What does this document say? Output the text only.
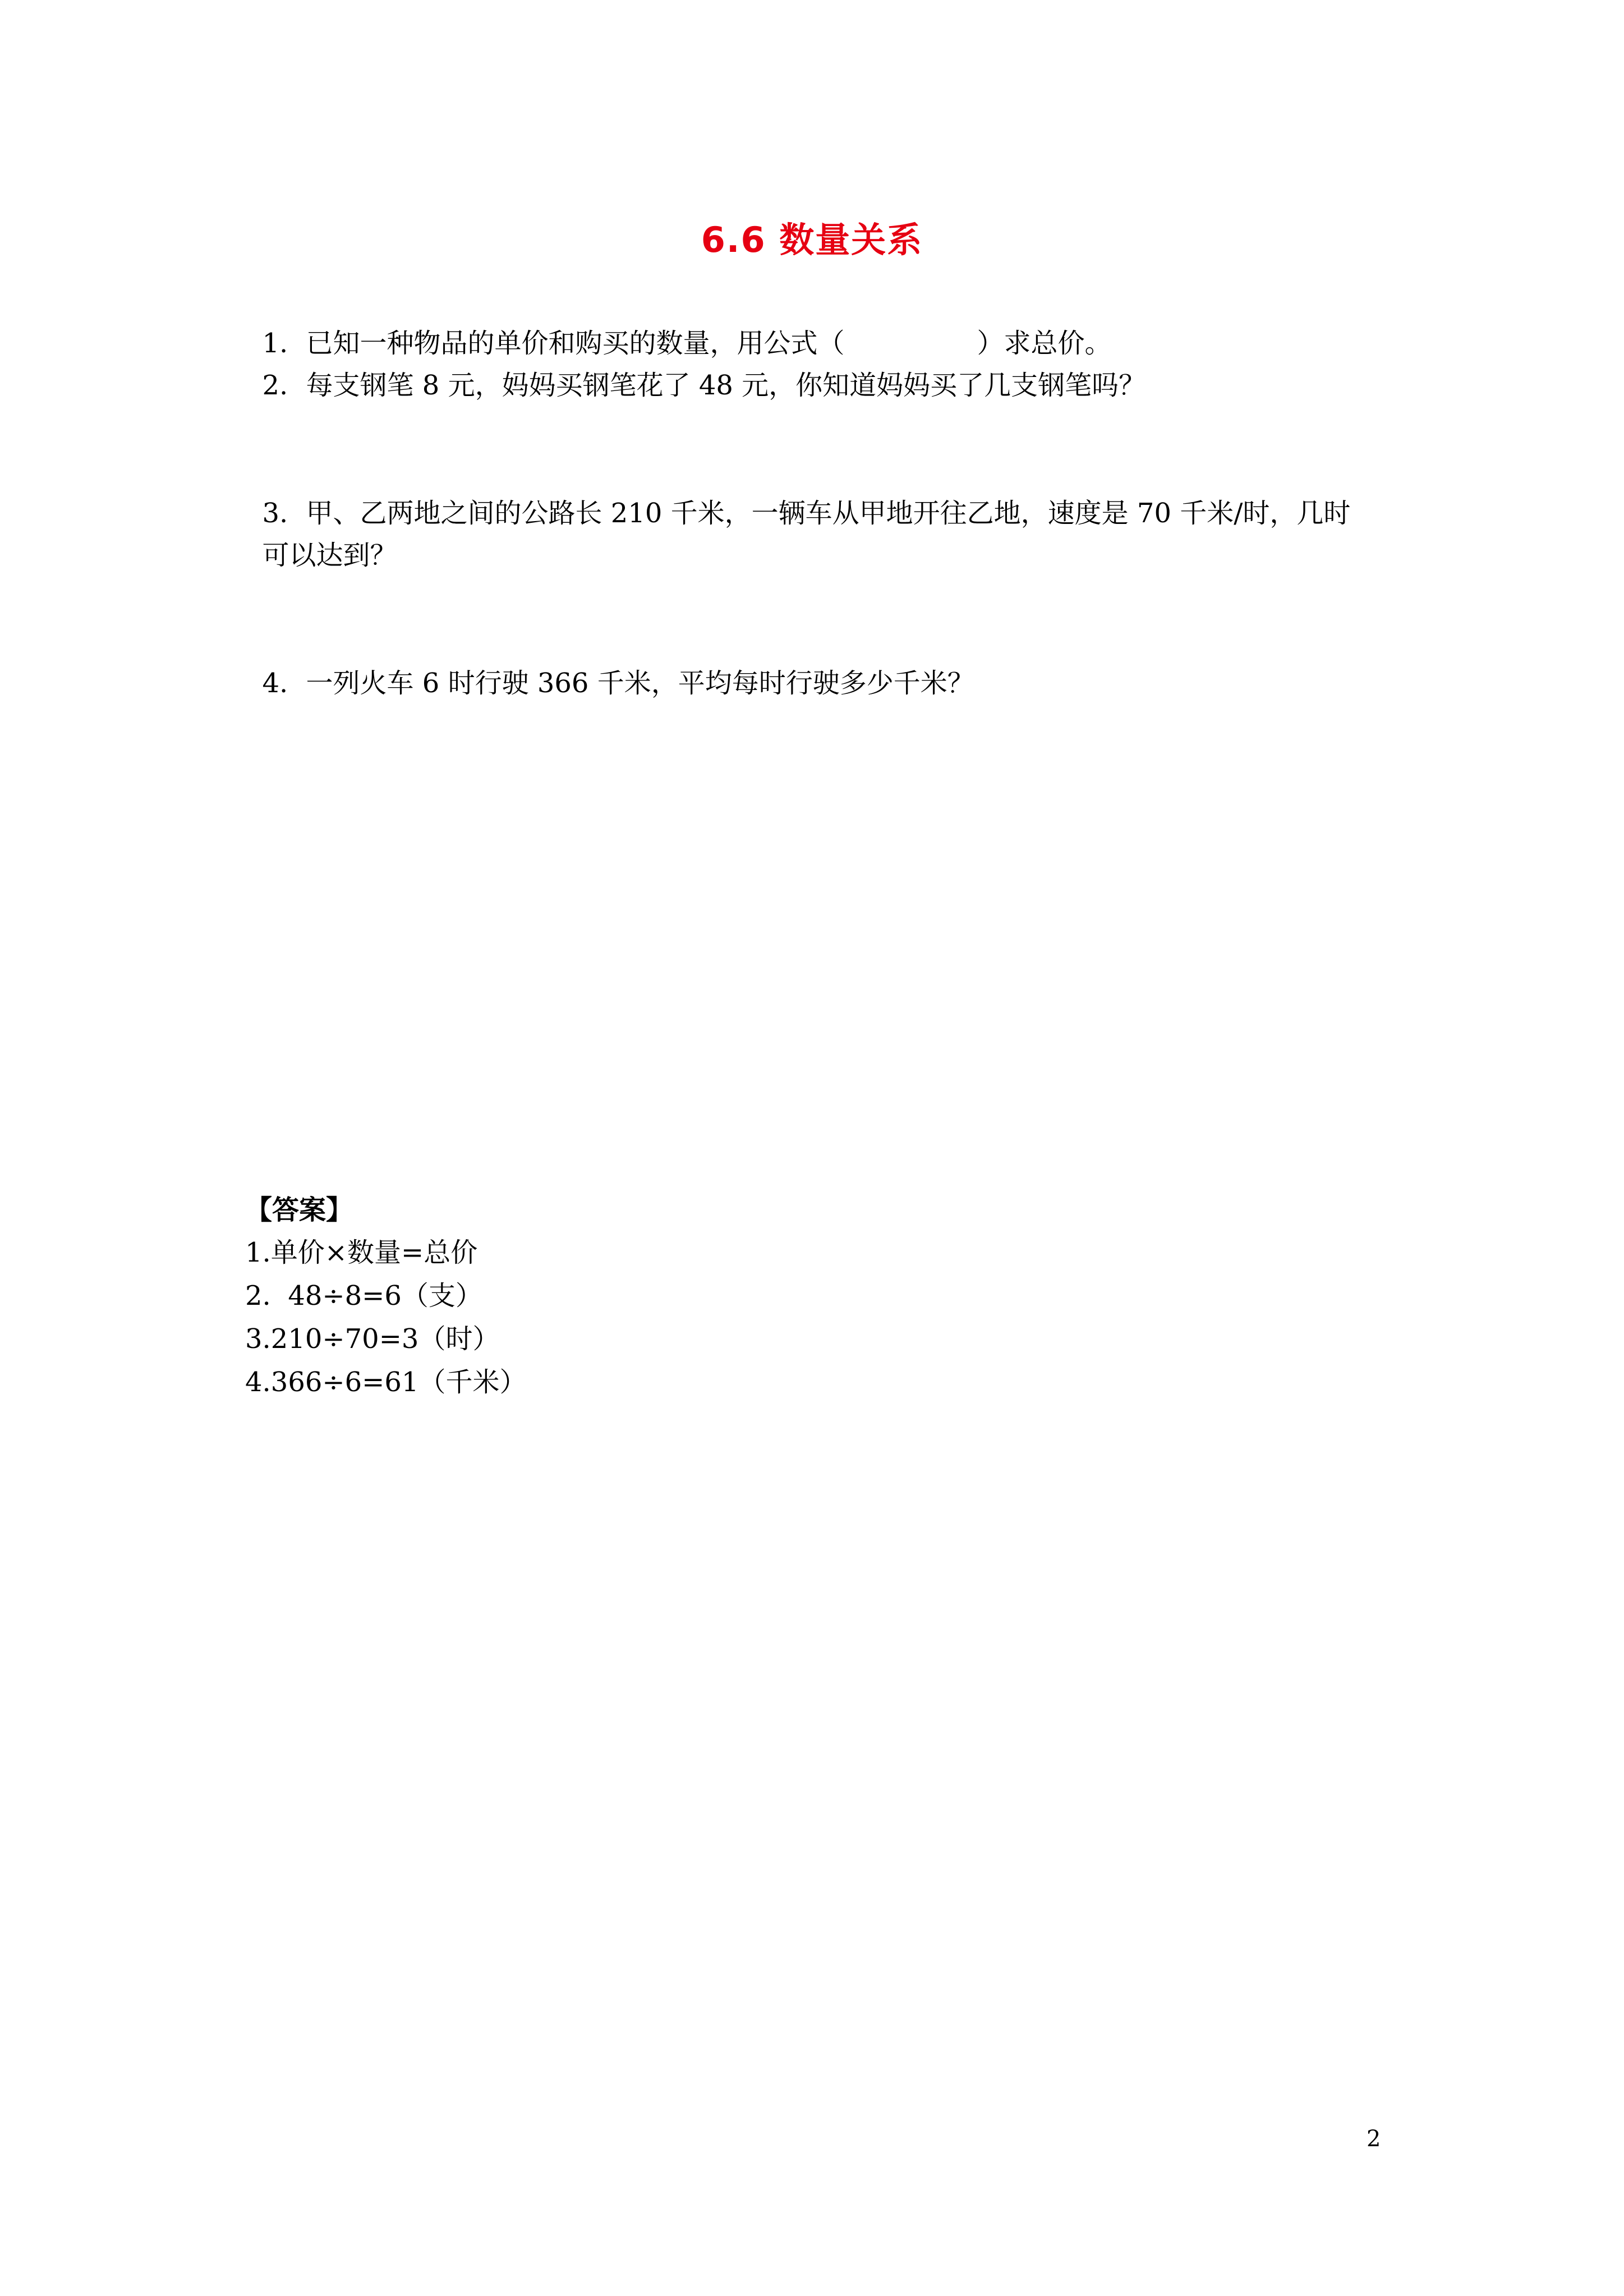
6.6 数量关系

1. 已知一种物品的单价和购买的数量，用公式（	）求总价。

2. 每支钢笔 8 元，妈妈买钢笔花了 48 元，你知道妈妈买了几支钢笔吗？

3. 甲、乙两地之间的公路长 210 千米，一辆车从甲地开往乙地，速度是 70 千米/时，几时

可以达到？

4. 一列火车 6 时行驶 366 千米，平均每时行驶多少千米？

【答案】
1.单价×数量=总价
2.  48÷8=6（支）
3.210÷70=3（时）
4.366÷6=61（千米）
2
